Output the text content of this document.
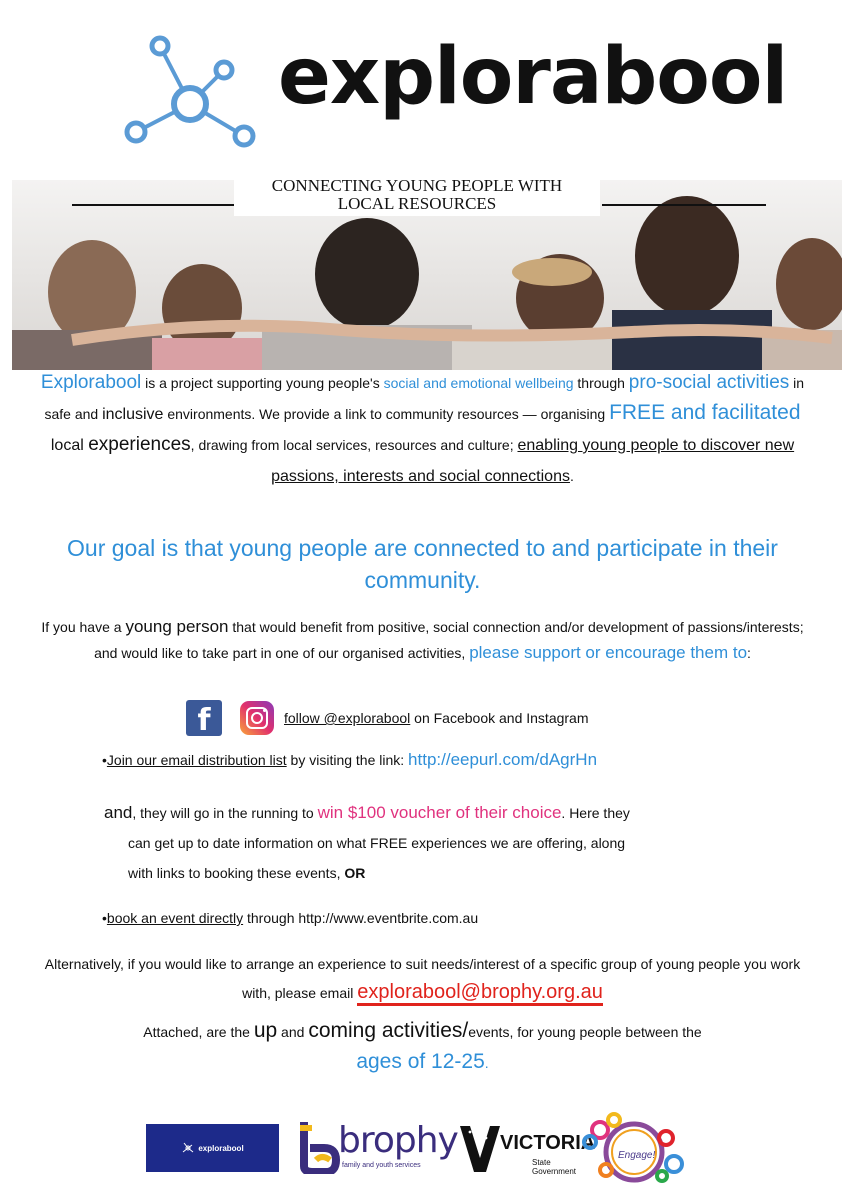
explorabool
CONNECTING YOUNG PEOPLE WITH
LOCAL RESOURCES
Explorabool is a project supporting young people's social and emotional wellbeing through pro-social activities in safe and inclusive environments. We provide a link to community resources — organising FREE and facilitated local experiences, drawing from local services, resources and culture; enabling young people to discover new passions, interests and social connections.
Our goal is that young people are connected to and participate in their community.
If you have a young person that would benefit from positive, social connection and/or development of passions/interests; and would like to take part in one of our organised activities, please support or encourage them to:
f	follow @explorabool on Facebook and Instagram
•Join our email distribution list by visiting the link: http://eepurl.com/dAgrHn
and, they will go in the running to win $100 voucher of their choice. Here they
can get up to date information on what FREE experiences we are offering, along
with links to booking these events, OR
•book an event directly through http://www.eventbrite.com.au
Alternatively, if you would like to arrange an experience to suit needs/interest of a specific group of young people you work with, please email explorabool@brophy.org.au
Attached, are the up and coming activities/events, for young people between the
ages of 12-25.
explorabool	brophy
family and youth services
VICTORIA
State
Government
Engage!
